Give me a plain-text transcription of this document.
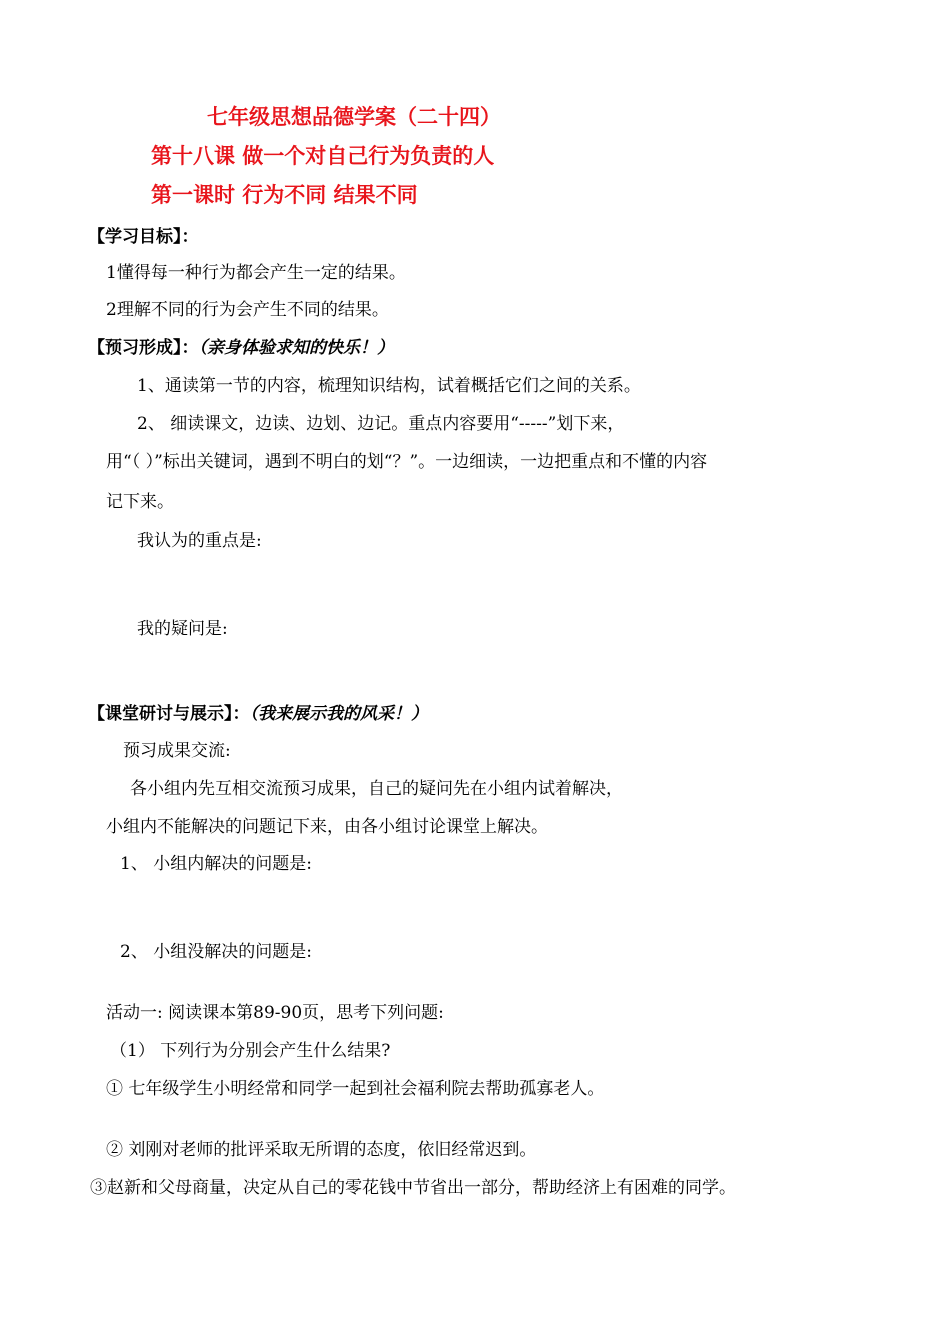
七年级思想品德学案（二十四）
第十八课 做一个对自己行为负责的人
第一课时 行为不同 结果不同
【学习目标】：
1懂得每一种行为都会产生一定的结果。
2理解不同的行为会产生不同的结果。
【预习形成】：（亲身体验求知的快乐！）
1、通读第一节的内容，梳理知识结构，试着概括它们之间的关系。
2、 细读课文，边读、边划、边记。重点内容要用“-----”划下来，
用“（ ）”标出关键词，遇到不明白的划“？”。一边细读，一边把重点和不懂的内容
记下来。
我认为的重点是:
我的疑问是:
【课堂研讨与展示】：（我来展示我的风采！）
预习成果交流:
各小组内先互相交流预习成果，自己的疑问先在小组内试着解决，
小组内不能解决的问题记下来，由各小组讨论课堂上解决。
1、 小组内解决的问题是:
2、 小组没解决的问题是:
活动一: 阅读课本第89-90页，思考下列问题:
（1） 下列行为分别会产生什么结果?
① 七年级学生小明经常和同学一起到社会福利院去帮助孤寡老人。
② 刘刚对老师的批评采取无所谓的态度，依旧经常迟到。
③赵新和父母商量，决定从自己的零花钱中节省出一部分，帮助经济上有困难的同学。
